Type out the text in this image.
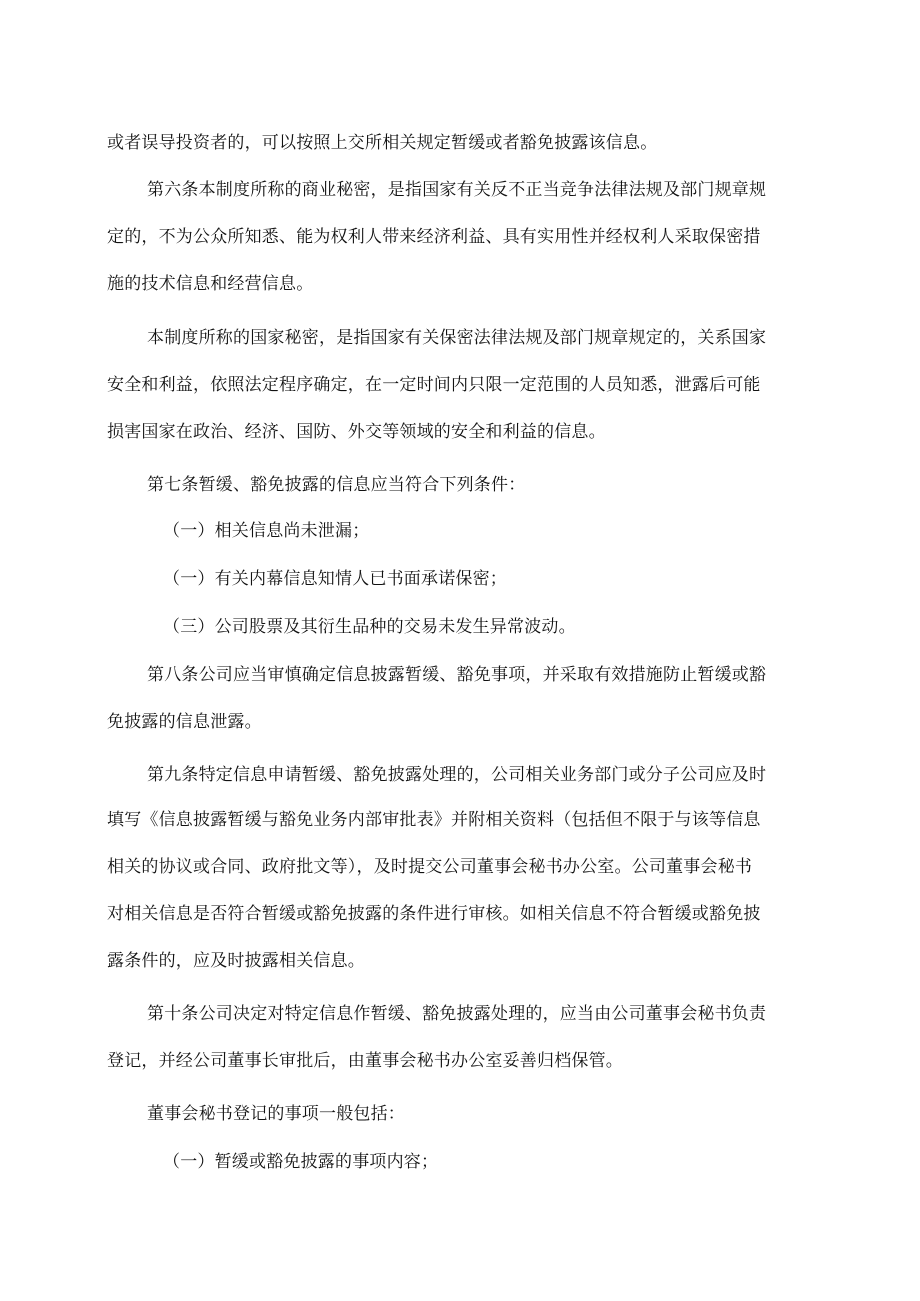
或者误导投资者的，可以按照上交所相关规定暂缓或者豁免披露该信息。
第六条本制度所称的商业秘密，是指国家有关反不正当竞争法律法规及部门规章规
定的，不为公众所知悉、能为权利人带来经济利益、具有实用性并经权利人采取保密措
施的技术信息和经营信息。
本制度所称的国家秘密，是指国家有关保密法律法规及部门规章规定的，关系国家
安全和利益，依照法定程序确定，在一定时间内只限一定范围的人员知悉，泄露后可能
损害国家在政治、经济、国防、外交等领域的安全和利益的信息。
第七条暂缓、豁免披露的信息应当符合下列条件：
（一）相关信息尚未泄漏；
（一）有关内幕信息知情人已书面承诺保密；
（三）公司股票及其衍生品种的交易未发生异常波动。
第八条公司应当审慎确定信息披露暂缓、豁免事项，并采取有效措施防止暂缓或豁
免披露的信息泄露。
第九条特定信息申请暂缓、豁免披露处理的，公司相关业务部门或分子公司应及时
填写《信息披露暂缓与豁免业务内部审批表》并附相关资料（包括但不限于与该等信息
相关的协议或合同、政府批文等），及时提交公司董事会秘书办公室。公司董事会秘书
对相关信息是否符合暂缓或豁免披露的条件进行审核。如相关信息不符合暂缓或豁免披
露条件的，应及时披露相关信息。
第十条公司决定对特定信息作暂缓、豁免披露处理的，应当由公司董事会秘书负责
登记，并经公司董事长审批后，由董事会秘书办公室妥善归档保管。
董事会秘书登记的事项一般包括：
（一）暂缓或豁免披露的事项内容；
